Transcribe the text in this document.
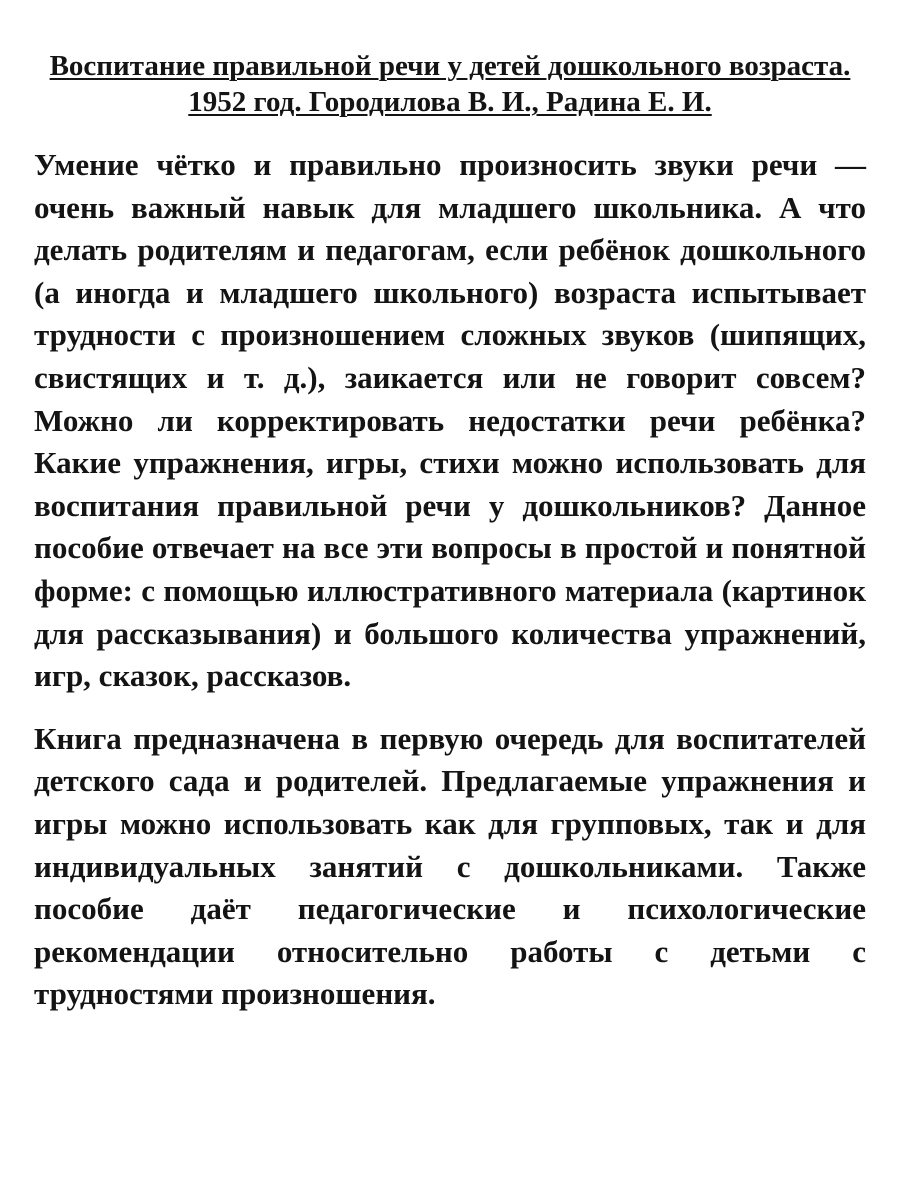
Воспитание правильной речи у детей дошкольного возраста. 1952 год. Городилова В. И., Радина Е. И.

Умение чётко и правильно произносить звуки речи — очень важный навык для младшего школьника. А что делать родителям и педагогам, если ребёнок дошкольного (а иногда и младшего школьного) возраста испытывает трудности с произношением сложных звуков (шипящих, свистящих и т. д.), заикается или не говорит совсем? Можно ли корректировать недостатки речи ребёнка? Какие упражнения, игры, стихи можно использовать для воспитания правильной речи у дошкольников? Данное пособие отвечает на все эти вопросы в простой и понятной форме: с помощью иллюстративного материала (картинок для рассказывания) и большого количества упражнений, игр, сказок, рассказов.

Книга предназначена в первую очередь для воспитателей детского сада и родителей. Предлагаемые упражнения и игры можно использовать как для групповых, так и для индивидуальных занятий с дошкольниками. Также пособие даёт педагогические и психологические рекомендации относительно работы с детьми с трудностями произношения.
